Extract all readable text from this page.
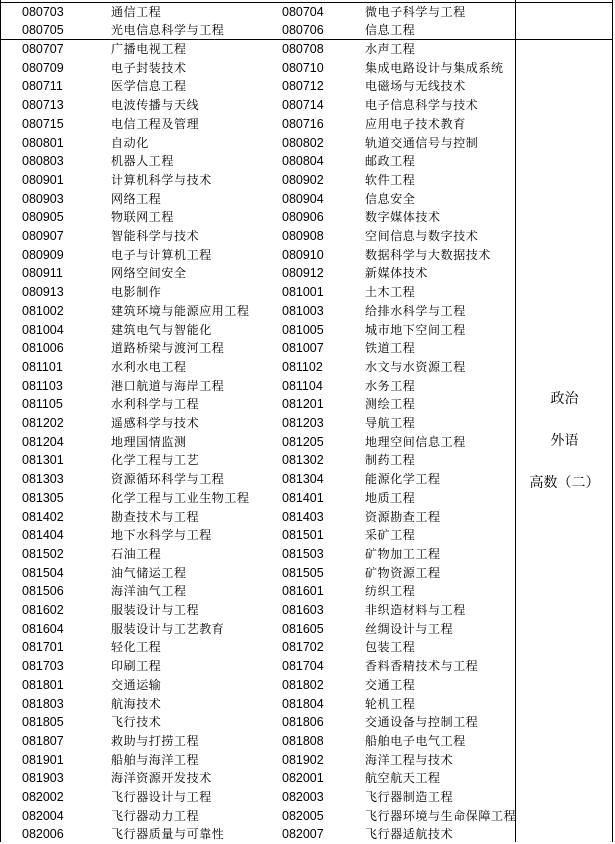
080703	通信工程	080704	微电子科学与工程
080705	光电信息科学与工程	080706	信息工程
080707	广播电视工程	080708	水声工程
080709	电子封装技术	080710	集成电路设计与集成系统
080711	医学信息工程	080712	电磁场与无线技术
080713	电波传播与天线	080714	电子信息科学与技术
080715	电信工程及管理	080716	应用电子技术教育
080801	自动化	080802	轨道交通信号与控制
080803	机器人工程	080804	邮政工程
080901	计算机科学与技术	080902	软件工程
080903	网络工程	080904	信息安全
080905	物联网工程	080906	数字媒体技术
080907	智能科学与技术	080908	空间信息与数字技术
080909	电子与计算机工程	080910	数据科学与大数据技术
080911	网络空间安全	080912	新媒体技术
080913	电影制作	081001	土木工程
081002	建筑环境与能源应用工程	081003	给排水科学与工程
081004	建筑电气与智能化	081005	城市地下空间工程
081006	道路桥梁与渡河工程	081007	铁道工程
081101	水利水电工程	081102	水文与水资源工程
081103	港口航道与海岸工程	081104	水务工程
081105	水利科学与工程	081201	测绘工程
081202	遥感科学与技术	081203	导航工程
081204	地理国情监测	081205	地理空间信息工程
081301	化学工程与工艺	081302	制药工程
081303	资源循环科学与工程	081304	能源化学工程
081305	化学工程与工业生物工程	081401	地质工程
081402	勘查技术与工程	081403	资源勘查工程
081404	地下水科学与工程	081501	采矿工程
081502	石油工程	081503	矿物加工工程
081504	油气储运工程	081505	矿物资源工程
081506	海洋油气工程	081601	纺织工程
081602	服装设计与工程	081603	非织造材料与工程
081604	服装设计与工艺教育	081605	丝绸设计与工程
081701	轻化工程	081702	包装工程
081703	印刷工程	081704	香料香精技术与工程
081801	交通运输	081802	交通工程
081803	航海技术	081804	轮机工程
081805	飞行技术	081806	交通设备与控制工程
081807	救助与打捞工程	081808	船舶电子电气工程
081901	船舶与海洋工程	081902	海洋工程与技术
081903	海洋资源开发技术	082001	航空航天工程
082002	飞行器设计与工程	082003	飞行器制造工程
082004	飞行器动力工程	082005	飞行器环境与生命保障工程
082006	飞行器质量与可靠性	082007	飞行器适航技术
政治
外语
高数（二）
